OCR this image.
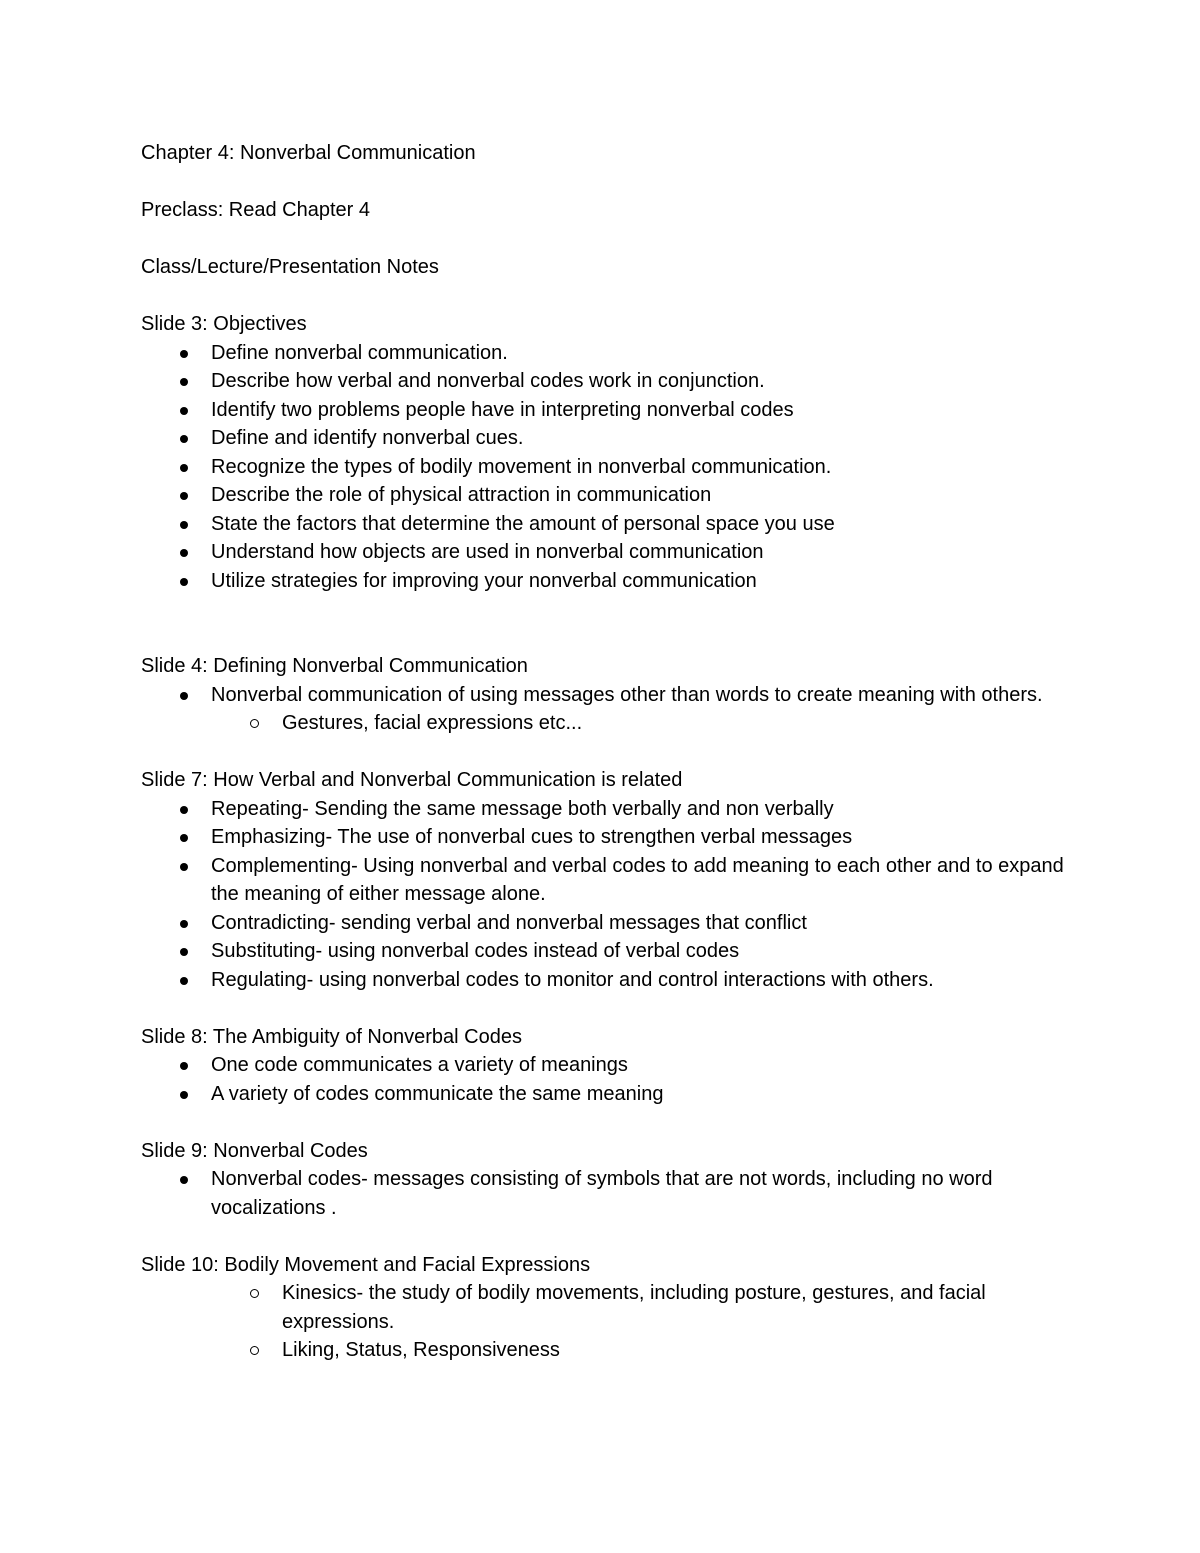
Chapter 4: Nonverbal Communication

Preclass: Read Chapter 4

Class/Lecture/Presentation Notes

Slide 3: Objectives

Define nonverbal communication.
Describe how verbal and nonverbal codes work in conjunction.
Identify two problems people have in interpreting nonverbal codes
Define and identify nonverbal cues.
Recognize the types of bodily movement in nonverbal communication.
Describe the role of physical attraction in communication
State the factors that determine the amount of personal space you use
Understand how objects are used in nonverbal communication
Utilize strategies for improving your nonverbal communication

Slide 4: Defining Nonverbal Communication

Nonverbal communication of using messages other than words to create meaning with others.
Gestures, facial expressions etc...

Slide 7: How Verbal and Nonverbal Communication is related

Repeating- Sending the same message both verbally and non verbally
Emphasizing- The use of nonverbal cues to strengthen verbal messages
Complementing- Using nonverbal and verbal codes to add meaning to each other and to expand the meaning of either message alone.
Contradicting- sending verbal and nonverbal messages that conflict
Substituting- using nonverbal codes instead of verbal codes
Regulating- using nonverbal codes to monitor and control interactions with others.

Slide 8: The Ambiguity of Nonverbal Codes

One code communicates a variety of meanings
A variety of codes communicate the same meaning

Slide 9: Nonverbal Codes

Nonverbal codes- messages consisting of symbols that are not words, including no word vocalizations .

Slide 10: Bodily Movement and Facial Expressions

Kinesics- the study of bodily movements, including posture, gestures, and facial expressions.
Liking, Status, Responsiveness
